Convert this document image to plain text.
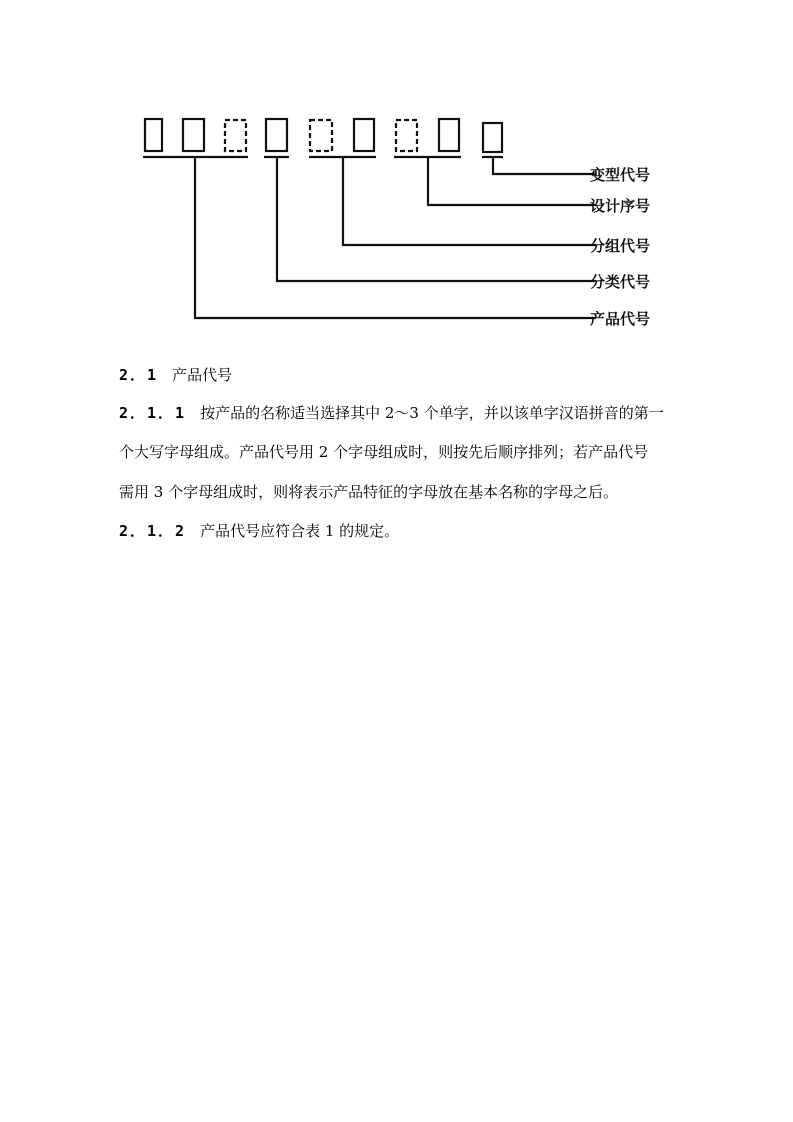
变型代号
设计序号
分组代号
分类代号
产品代号
2．1 产品代号
2．1．1 按产品的名称适当选择其中 2～3 个单字，并以该单字汉语拼音的第一
个大写字母组成。产品代号用 2 个字母组成时，则按先后顺序排列；若产品代号
需用 3 个字母组成时，则将表示产品特征的字母放在基本名称的字母之后。
2．1．2 产品代号应符合表 1 的规定。
